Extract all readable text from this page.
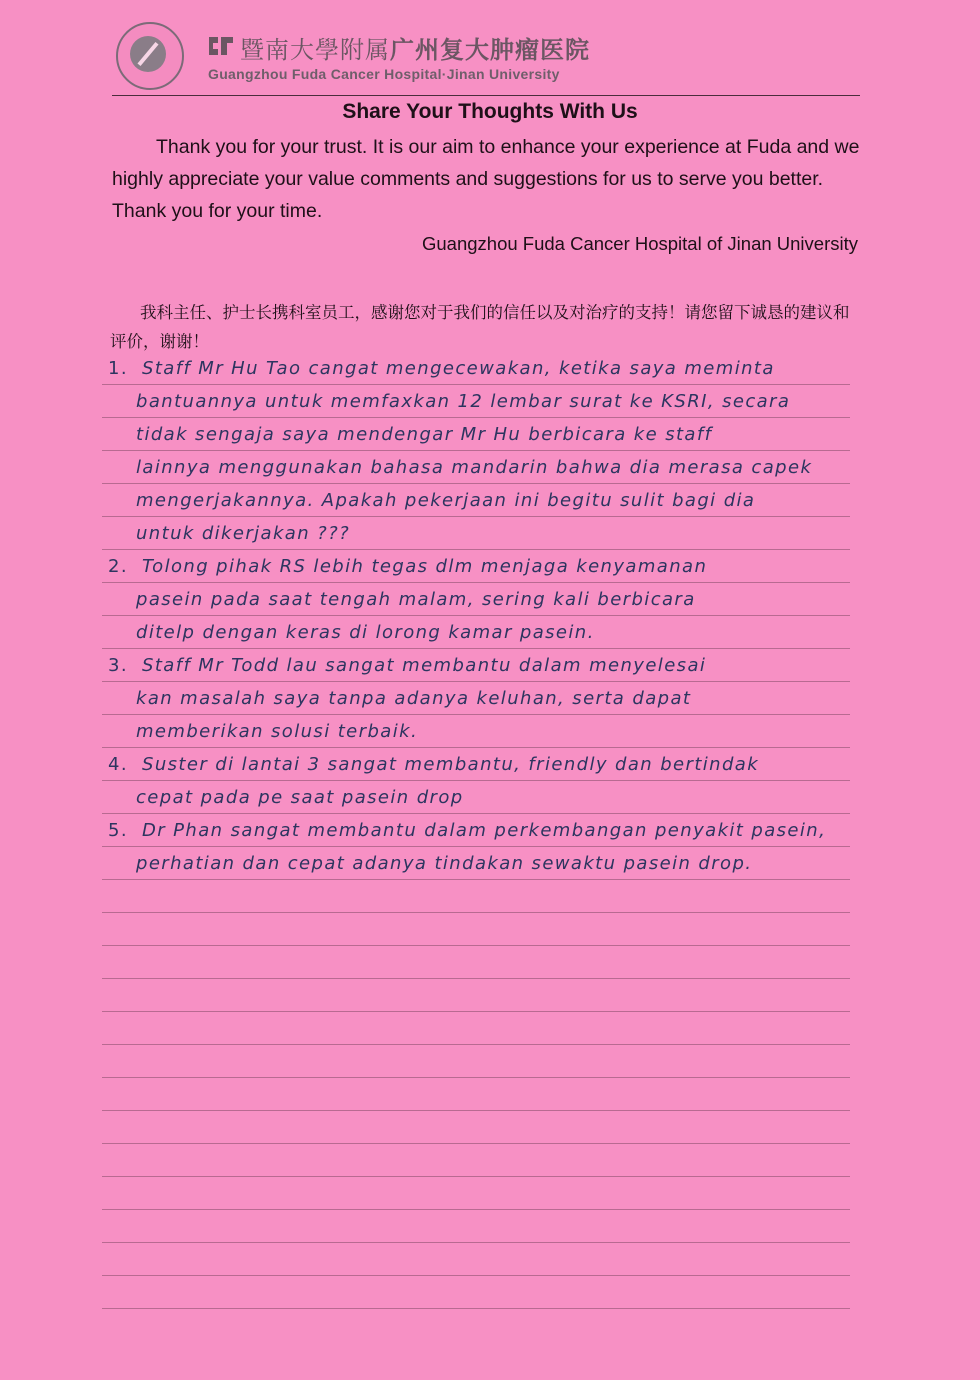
暨南大學附属广州复大肿瘤医院
Guangzhou Fuda Cancer Hospital·Jinan University
Share Your Thoughts With Us

Thank you for your trust. It is our aim to enhance your experience at Fuda and we highly appreciate your value comments and suggestions for us to serve you better. Thank you for your time.

Guangzhou Fuda Cancer Hospital of Jinan University

我科主任、护士长携科室员工，感谢您对于我们的信任以及对治疗的支持！请您留下诚恳的建议和评价，谢谢！

1. Staff Mr Hu Tao cangat mengecewakan, ketika saya meminta
bantuannya untuk memfaxkan 12 lembar surat ke KSRI, secara
tidak sengaja saya mendengar Mr Hu berbicara ke staff
lainnya menggunakan bahasa mandarin bahwa dia merasa capek
mengerjakannya. Apakah pekerjaan ini begitu sulit bagi dia
untuk dikerjakan ???
2. Tolong pihak RS lebih tegas dlm menjaga kenyamanan
pasein pada saat tengah malam, sering kali berbicara
ditelp dengan keras di lorong kamar pasein.
3. Staff Mr Todd lau sangat membantu dalam menyelesai
kan masalah saya tanpa adanya keluhan, serta dapat
memberikan solusi terbaik.
4. Suster di lantai 3 sangat membantu, friendly dan bertindak
cepat pada pe saat pasein drop
5. Dr Phan sangat membantu dalam perkembangan penyakit pasein,
perhatian dan cepat adanya tindakan sewaktu pasein drop.
